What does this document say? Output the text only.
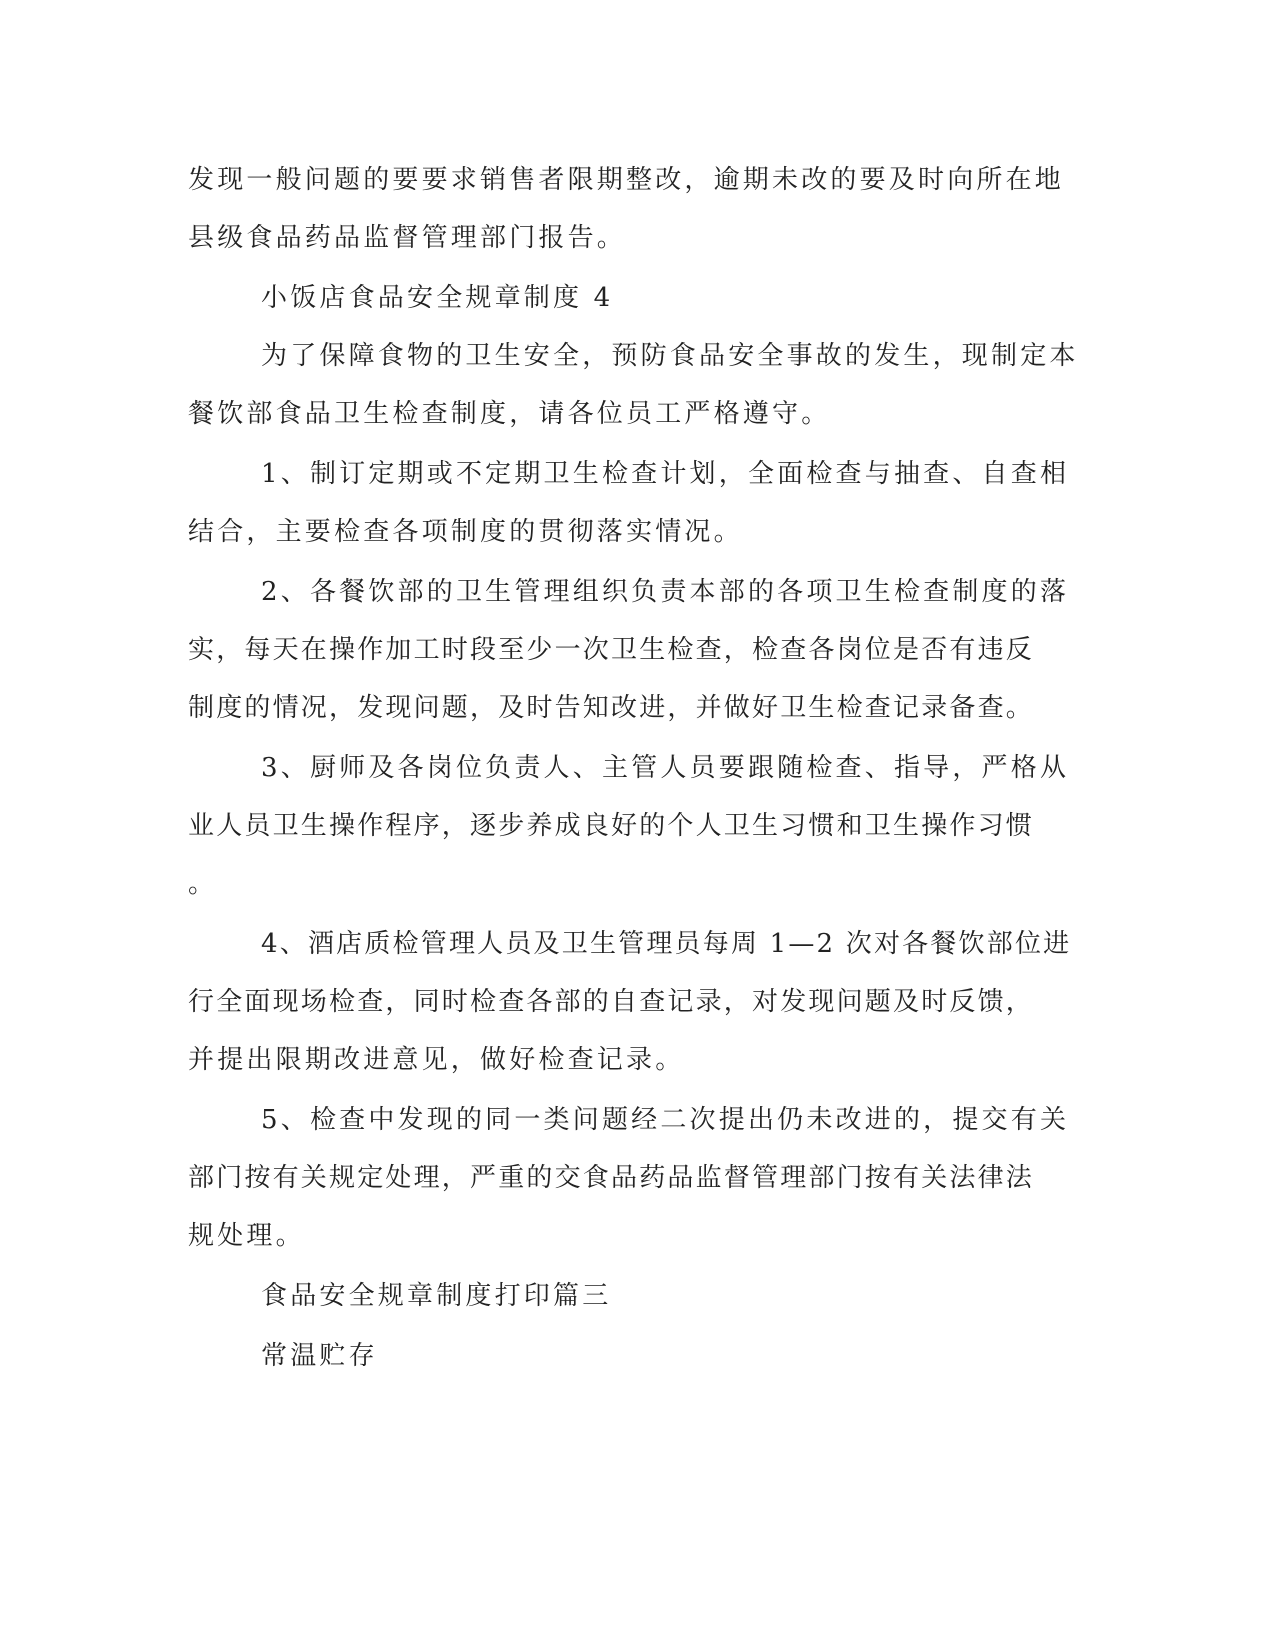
发现一般问题的要要求销售者限期整改，逾期未改的要及时向所在地

县级食品药品监督管理部门报告。

小饭店食品安全规章制度 4

为了保障食物的卫生安全，预防食品安全事故的发生，现制定本

餐饮部食品卫生检查制度，请各位员工严格遵守。

1、制订定期或不定期卫生检查计划，全面检查与抽查、自查相

结合，主要检查各项制度的贯彻落实情况。

2、各餐饮部的卫生管理组织负责本部的各项卫生检查制度的落

实，每天在操作加工时段至少一次卫生检查，检查各岗位是否有违反

制度的情况，发现问题，及时告知改进，并做好卫生检查记录备查。

3、厨师及各岗位负责人、主管人员要跟随检查、指导，严格从

业人员卫生操作程序，逐步养成良好的个人卫生习惯和卫生操作习惯

。

4、酒店质检管理人员及卫生管理员每周 1—2 次对各餐饮部位进

行全面现场检查，同时检查各部的自查记录，对发现问题及时反馈，

并提出限期改进意见，做好检查记录。

5、检查中发现的同一类问题经二次提出仍未改进的，提交有关

部门按有关规定处理，严重的交食品药品监督管理部门按有关法律法

规处理。

食品安全规章制度打印篇三

常温贮存
